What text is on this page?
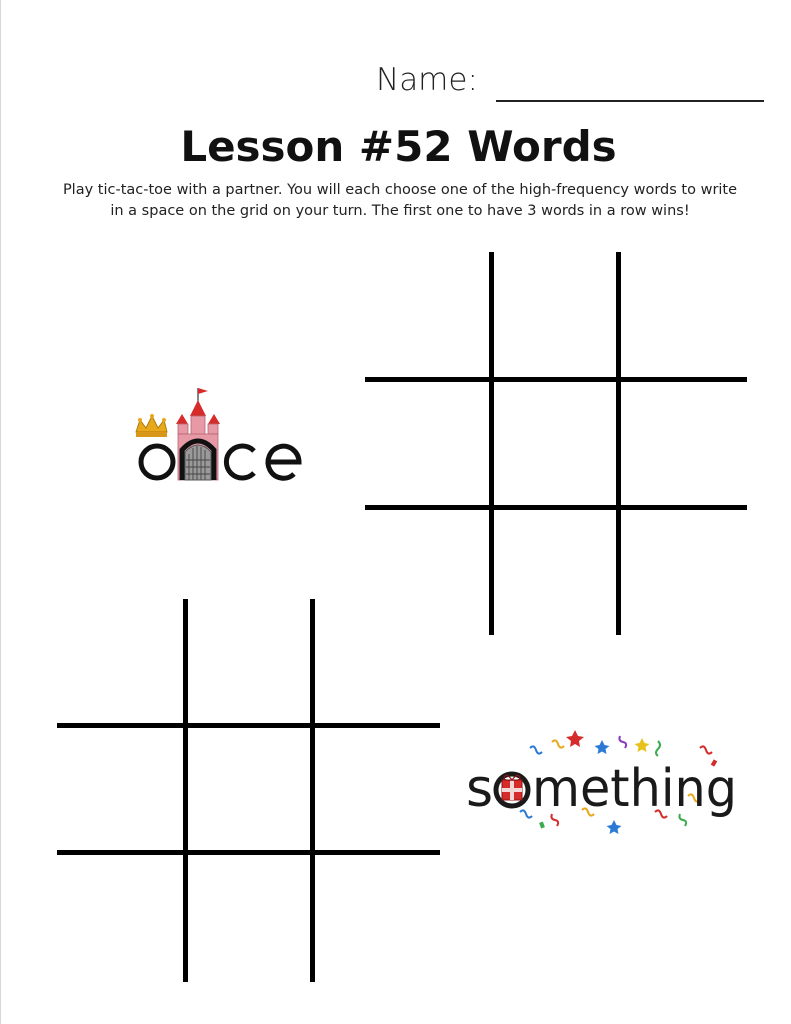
Name:
Lesson #52 Words
Play tic-tac-toe with a partner. You will each choose one of the high-frequency words to write
in a space on the grid on your turn. The first one to have 3 words in a row wins!
s mething
